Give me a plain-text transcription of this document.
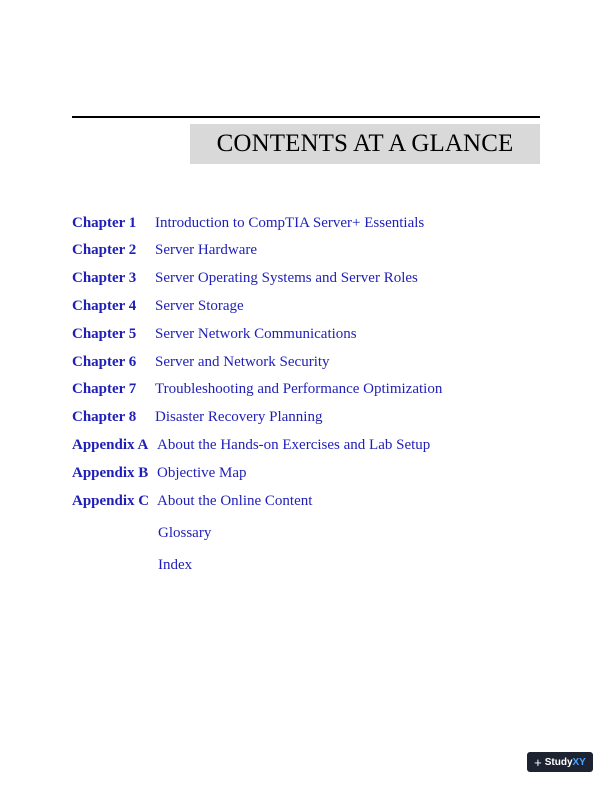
CONTENTS AT A GLANCE
Chapter 1 Introduction to CompTIA Server+ Essentials
Chapter 2 Server Hardware
Chapter 3 Server Operating Systems and Server Roles
Chapter 4 Server Storage
Chapter 5 Server Network Communications
Chapter 6 Server and Network Security
Chapter 7 Troubleshooting and Performance Optimization
Chapter 8 Disaster Recovery Planning
Appendix A About the Hands-on Exercises and Lab Setup
Appendix B Objective Map
Appendix C About the Online Content
Glossary
Index
+ StudyXY
